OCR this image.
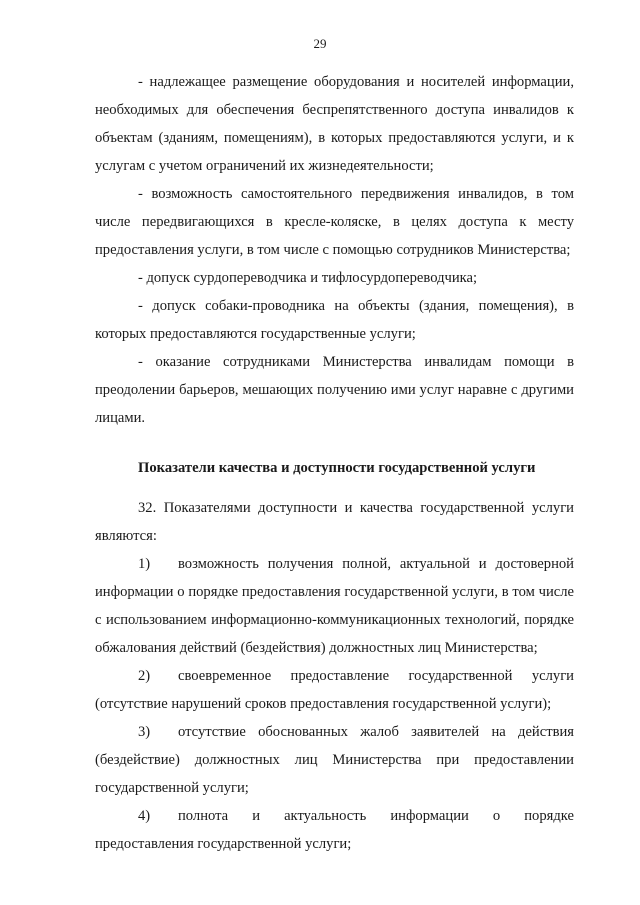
29

- надлежащее размещение оборудования и носителей информации, необходимых для обеспечения беспрепятственного доступа инвалидов к объектам (зданиям, помещениям), в которых предоставляются услуги, и к услугам с учетом ограничений их жизнедеятельности;

- возможность самостоятельного передвижения инвалидов, в том числе передвигающихся в кресле-коляске, в целях доступа к месту предоставления услуги, в том числе с помощью сотрудников Министерства;

- допуск сурдопереводчика и тифлосурдопереводчика;

- допуск собаки-проводника на объекты (здания, помещения), в которых предоставляются государственные услуги;

- оказание сотрудниками Министерства инвалидам помощи в преодолении барьеров, мешающих получению ими услуг наравне с другими лицами.

Показатели качества и доступности государственной услуги

32. Показателями доступности и качества государственной услуги являются:

1) возможность получения полной, актуальной и достоверной информации о порядке предоставления государственной услуги, в том числе с использованием информационно-коммуникационных технологий, порядке обжалования действий (бездействия) должностных лиц Министерства;

2) своевременное предоставление государственной услуги (отсутствие нарушений сроков предоставления государственной услуги);

3) отсутствие обоснованных жалоб заявителей на действия (бездействие) должностных лиц Министерства при предоставлении государственной услуги;

4) полнота и актуальность информации о порядке предоставления государственной услуги;
